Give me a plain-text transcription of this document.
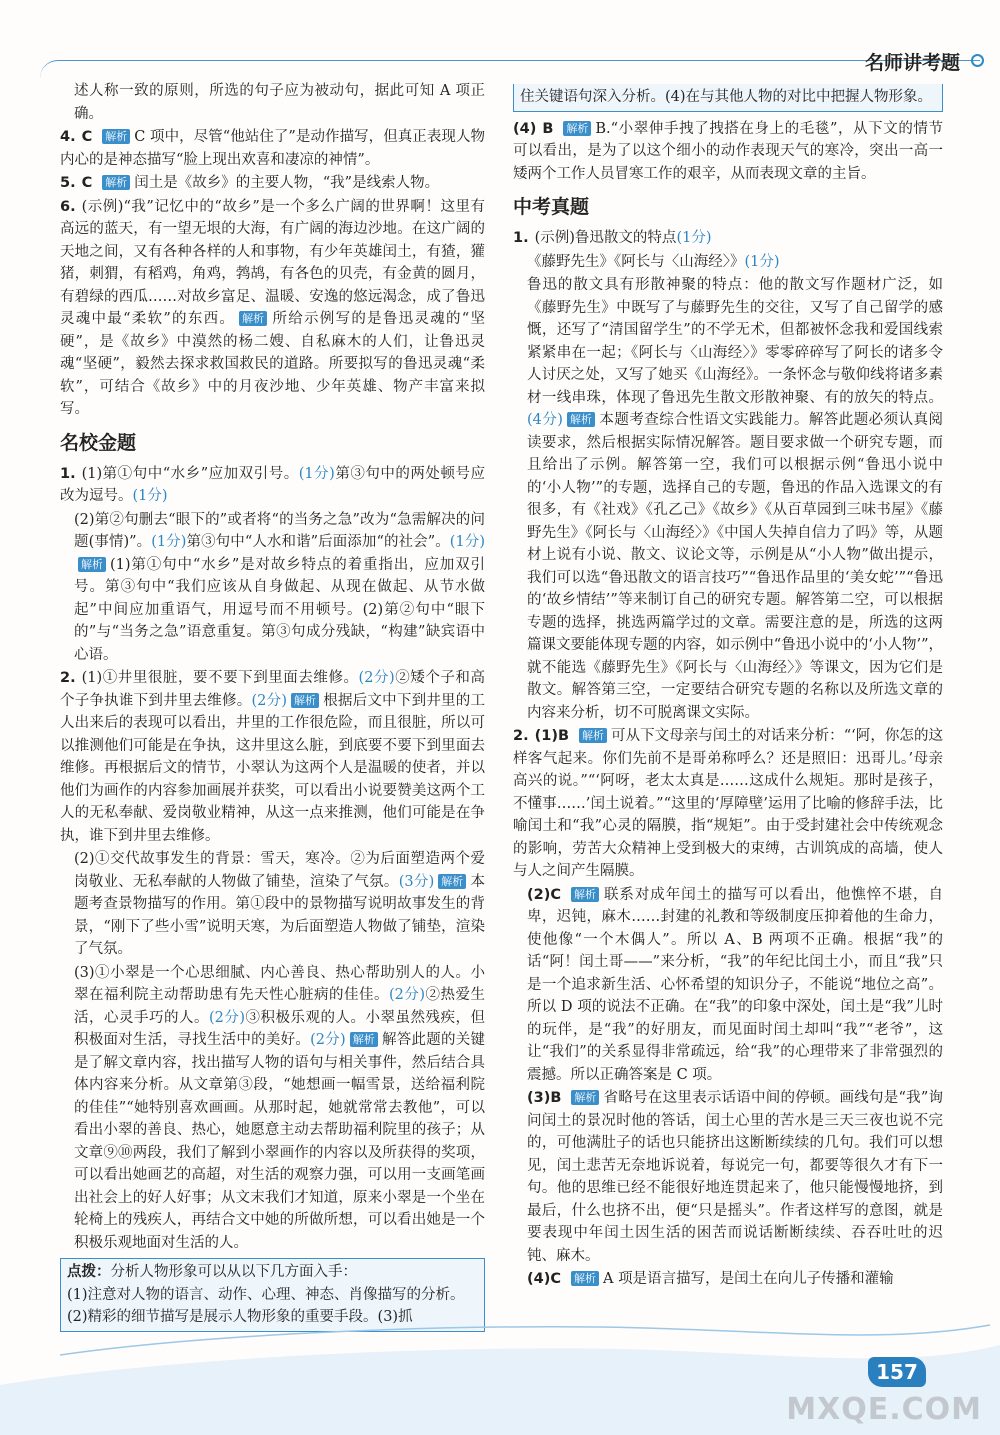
名师讲考题

述人称一致的原则，所选的句子应为被动句，据此可知 A 项正确。

4. C 解析 C 项中，尽管“他站住了”是动作描写，但真正表现人物内心的是神态描写“脸上现出欢喜和凄凉的神情”。

5. C 解析 闰土是《故乡》的主要人物，“我”是线索人物。

6. (示例)“我”记忆中的“故乡”是一个多么广阔的世界啊！这里有高远的蓝天，有一望无垠的大海，有广阔的海边沙地。在这广阔的天地之间，又有各种各样的人和事物，有少年英雄闰土，有猹，獾猪，刺猬，有稻鸡，角鸡，鹁鸪，有各色的贝壳，有金黄的圆月，有碧绿的西瓜……对故乡富足、温暖、安逸的悠远渴念，成了鲁迅灵魂中最“柔软”的东西。 解析 所给示例写的是鲁迅灵魂的“坚硬”，是《故乡》中漠然的杨二嫂、自私麻木的人们，让鲁迅灵魂“坚硬”，毅然去探求救国救民的道路。所要拟写的鲁迅灵魂“柔软”，可结合《故乡》中的月夜沙地、少年英雄、物产丰富来拟写。

名校金题

1. (1)第①句中“水乡”应加双引号。(1分)第③句中的两处顿号应改为逗号。(1分)

(2)第②句删去“眼下的”或者将“的当务之急”改为“急需解决的问题(事情)”。(1分)第③句中“人水和谐”后面添加“的社会”。(1分)解析 (1)第①句中“水乡”是对故乡特点的着重指出，应加双引号。第③句中“我们应该从自身做起、从现在做起、从节水做起”中间应加重语气，用逗号而不用顿号。(2)第②句中“眼下的”与“当务之急”语意重复。第③句成分残缺，“构建”缺宾语中心语。

2. (1)①井里很脏，要不要下到里面去维修。(2分)②矮个子和高个子争执谁下到井里去维修。(2分) 解析 根据后文中下到井里的工人出来后的表现可以看出，井里的工作很危险，而且很脏，所以可以推测他们可能是在争执，这井里这么脏，到底要不要下到里面去维修。再根据后文的情节，小翠认为这两个人是温暖的使者，并以他们为画作的内容参加画展并获奖，可以看出小说要赞美这两个工人的无私奉献、爱岗敬业精神，从这一点来推测，他们可能是在争执，谁下到井里去维修。

(2)①交代故事发生的背景：雪天，寒冷。②为后面塑造两个爱岗敬业、无私奉献的人物做了铺垫，渲染了气氛。(3分) 解析 本题考查景物描写的作用。第①段中的景物描写说明故事发生的背景，“刚下了些小雪”说明天寒，为后面塑造人物做了铺垫，渲染了气氛。

(3)①小翠是一个心思细腻、内心善良、热心帮助别人的人。小翠在福利院主动帮助患有先天性心脏病的佳佳。(2分)②热爱生活，心灵手巧的人。(2分)③积极乐观的人。小翠虽然残疾，但积极面对生活，寻找生活中的美好。(2分) 解析 解答此题的关键是了解文章内容，找出描写人物的语句与相关事件，然后结合具体内容来分析。从文章第③段，“她想画一幅雪景，送给福利院的佳佳”“她特别喜欢画画。从那时起，她就常常去教他”，可以看出小翠的善良、热心，她愿意主动去帮助福利院里的孩子；从文章⑨⑩两段，我们了解到小翠画作的内容以及所获得的奖项，可以看出她画艺的高超，对生活的观察力强，可以用一支画笔画出社会上的好人好事；从文末我们才知道，原来小翠是一个坐在轮椅上的残疾人，再结合文中她的所做所想，可以看出她是一个积极乐观地面对生活的人。

点拨：分析人物形象可以从以下几方面入手：
(1)注意对人物的语言、动作、心理、神态、肖像描写的分析。
(2)精彩的细节描写是展示人物形象的重要手段。(3)抓
住关键语句深入分析。(4)在与其他人物的对比中把握人物形象。

(4) B 解析 B.“小翠伸手拽了拽搭在身上的毛毯”，从下文的情节可以看出，是为了以这个细小的动作表现天气的寒冷，突出一高一矮两个工作人员冒寒工作的艰辛，从而表现文章的主旨。

中考真题

1. (示例)鲁迅散文的特点(1分)

《藤野先生》《阿长与〈山海经〉》(1分)

鲁迅的散文具有形散神聚的特点：他的散文写作题材广泛，如《藤野先生》中既写了与藤野先生的交往，又写了自己留学的感慨，还写了“清国留学生”的不学无术，但都被怀念我和爱国线索紧紧串在一起；《阿长与〈山海经〉》零零碎碎写了阿长的诸多令人讨厌之处，又写了她买《山海经》。一条怀念与敬仰线将诸多素材一线串珠，体现了鲁迅先生散文形散神聚、有的放矢的特点。(4分) 解析 本题考查综合性语文实践能力。解答此题必须认真阅读要求，然后根据实际情况解答。题目要求做一个研究专题，而且给出了示例。解答第一空，我们可以根据示例“鲁迅小说中的‘小人物’”的专题，选择自己的专题，鲁迅的作品入选课文的有很多，有《社戏》《孔乙己》《故乡》《从百草园到三味书屋》《藤野先生》《阿长与〈山海经〉》《中国人失掉自信力了吗》等，从题材上说有小说、散文、议论文等，示例是从“小人物”做出提示，我们可以选“鲁迅散文的语言技巧”“鲁迅作品里的‘美女蛇’”“鲁迅的‘故乡情结’”等来制订自己的研究专题。解答第二空，可以根据专题的选择，挑选两篇学过的文章。需要注意的是，所选的这两篇课文要能体现专题的内容，如示例中“鲁迅小说中的‘小人物’”，就不能选《藤野先生》《阿长与〈山海经〉》等课文，因为它们是散文。解答第三空，一定要结合研究专题的名称以及所选文章的内容来分析，切不可脱离课文实际。

2. (1)B 解析 可从下文母亲与闰土的对话来分析：“‘阿，你怎的这样客气起来。你们先前不是哥弟称呼么？还是照旧：迅哥儿。’母亲高兴的说。”“‘阿呀，老太太真是……这成什么规矩。那时是孩子，不懂事……’闰土说着。”“这里的‘厚障壁’运用了比喻的修辞手法，比喻闰土和“我”心灵的隔膜，指“规矩”。由于受封建社会中传统观念的影响，劳苦大众精神上受到极大的束缚，古训筑成的高墙，使人与人之间产生隔膜。

(2)C 解析 联系对成年闰土的描写可以看出，他憔悴不堪，自卑，迟钝，麻木……封建的礼教和等级制度压抑着他的生命力，使他像“一个木偶人”。所以 A、B 两项不正确。根据“我”的话“阿！闰土哥——”来分析，“我”的年纪比闰土小，而且“我”只是一个追求新生活、心怀希望的知识分子，不能说“地位之高”。所以 D 项的说法不正确。在“我”的印象中深处，闰土是“我”儿时的玩伴，是“我”的好朋友，而见面时闰土却叫“我”“老爷”，这让“我们”的关系显得非常疏远，给“我”的心理带来了非常强烈的震撼。所以正确答案是 C 项。

(3)B 解析 省略号在这里表示话语中间的停顿。画线句是“我”询问闰土的景况时他的答话，闰土心里的苦水是三天三夜也说不完的，可他满肚子的话也只能挤出这断断续续的几句。我们可以想见，闰土悲苦无奈地诉说着，每说完一句，都要等很久才有下一句。他的思维已经不能很好地连贯起来了，他只能慢慢地挤，到最后，什么也挤不出，便“只是摇头”。作者这样写的意图，就是要表现中年闰土因生活的困苦而说话断断续续、吞吞吐吐的迟钝、麻木。

(4)C 解析 A 项是语言描写，是闰土在向儿子传播和灌输

157
MXQE.COM
